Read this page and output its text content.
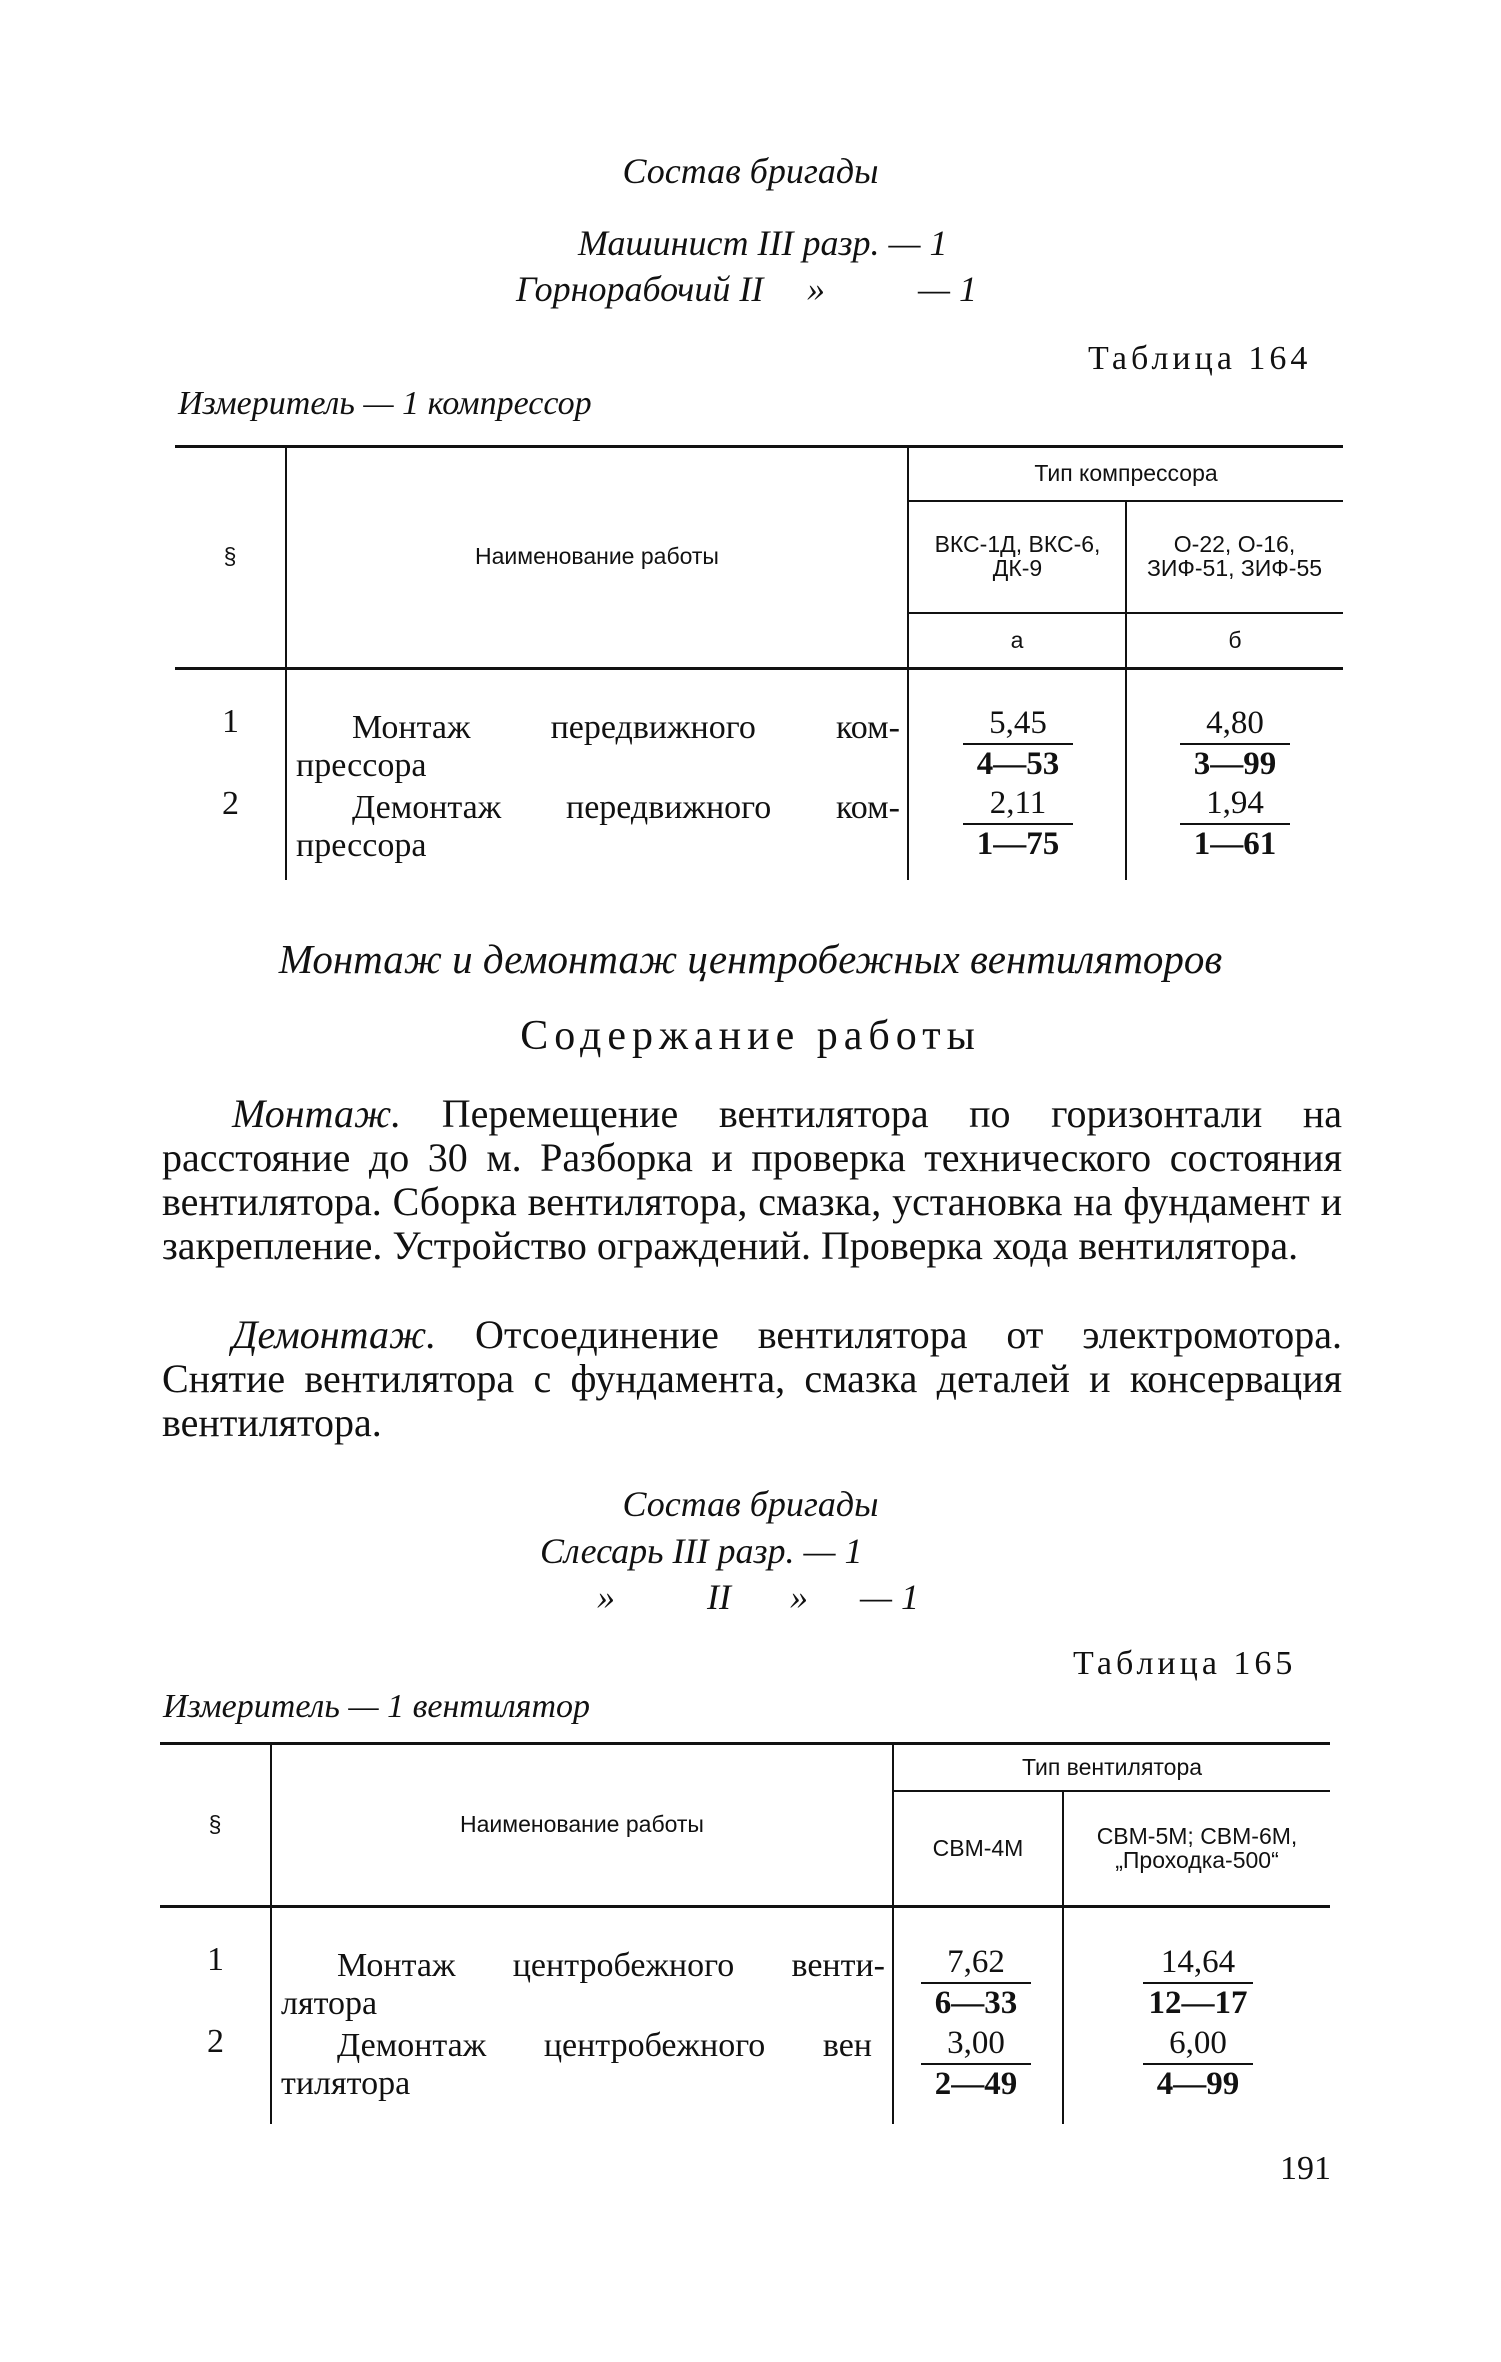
Состав бригады
Машинист III разр. — 1
Горнорабочий II »	— 1
Таблица 164
Измеритель — 1 компрессор
§	Наименование работы
Тип компрессора
ВКС-1Д, ВКС-6, ДК-9
О-22, О-16, ЗИФ-51, ЗИФ-55
а	б
1	Монтаж передвижного ком-
прессора	$\frac{5,45}{4—53}$	$\frac{4,80}{3—99}$
2	Демонтаж передвижного ком-
прессора	$\frac{2,11}{1—75}$	$\frac{1,94}{1—61}$
Монтаж и демонтаж центробежных вентиляторов
Содержание работы
Монтаж. Перемещение вентилятора по горизонтали на расстояние до 30 м. Разборка и проверка технического состояния вентилятора. Сборка вентилятора, смазка, установка на фундамент и закрепление. Устройство ограждений. Проверка хода вентилятора.
Демонтаж. Отсоединение вентилятора от электромотора. Снятие вентилятора с фундамента, смазка деталей и консервация вентилятора.
Состав бригады
Слесарь III разр. — 1
»	II » — 1
Таблица 165
Измеритель — 1 вентилятор
§	Наименование работы
Тип вентилятора
СВМ-4М	СВМ-5М; СВМ-6М, „Проходка-500“
1	Монтаж центробежного венти-
лятора	$\frac{7,62}{6—33}$	$\frac{14,64}{12—17}$
2	Демонтаж центробежного вен
тилятора	$\frac{3,00}{2—49}$	$\frac{6,00}{4—99}$
191
